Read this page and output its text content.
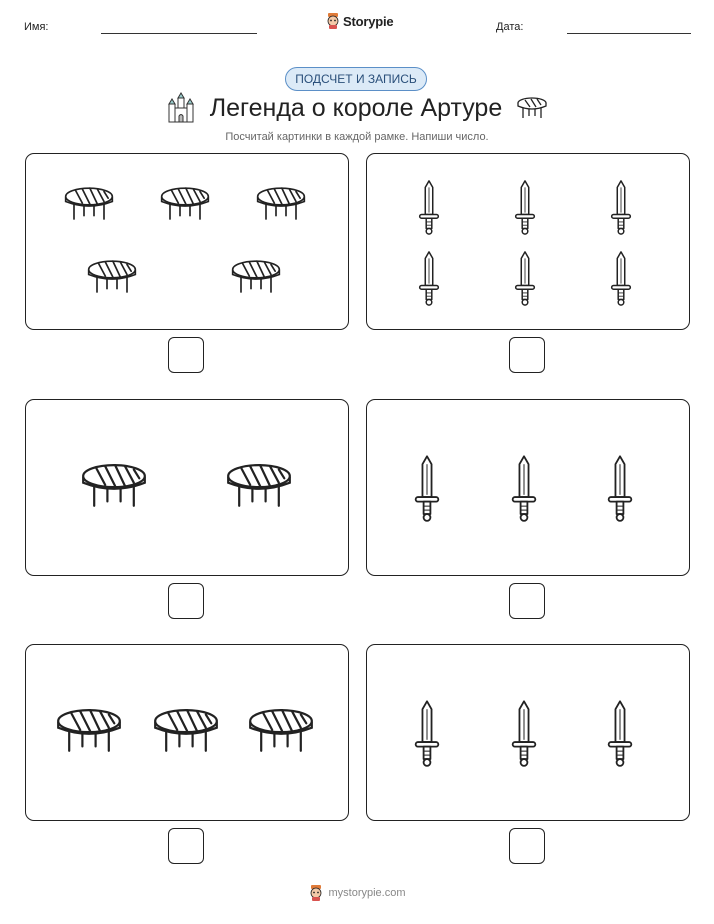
Имя:	Storypie	Дата:
ПОДСЧЕТ И ЗАПИСЬ
Легенда о короле Артуре
Посчитай картинки в каждой рамке. Напиши число.
mystorypie.com
